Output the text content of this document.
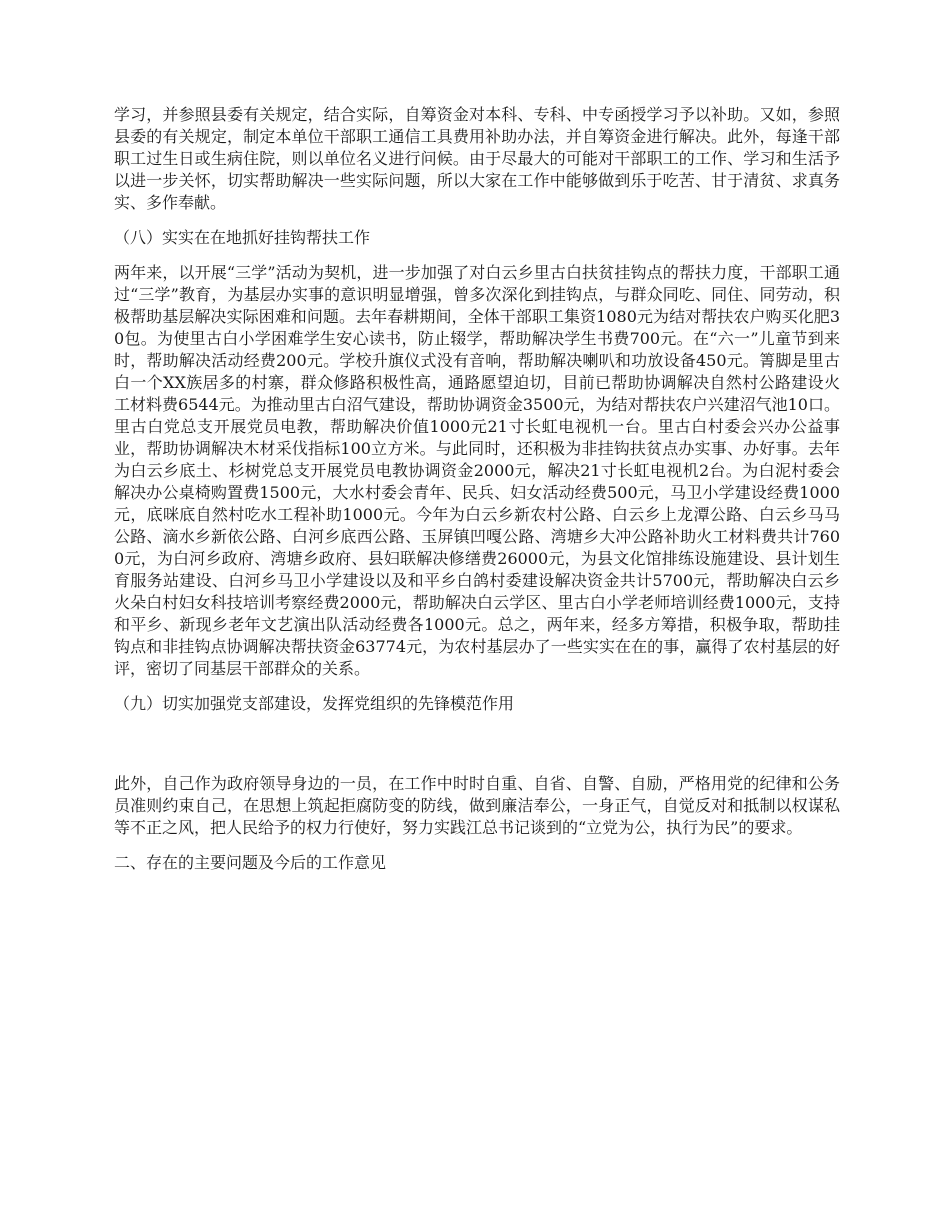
学习，并参照县委有关规定，结合实际，自筹资金对本科、专科、中专函授学习予以补助。又如，参照县委的有关规定，制定本单位干部职工通信工具费用补助办法，并自筹资金进行解决。此外，每逢干部职工过生日或生病住院，则以单位名义进行问候。由于尽最大的可能对干部职工的工作、学习和生活予以进一步关怀，切实帮助解决一些实际问题，所以大家在工作中能够做到乐于吃苦、甘于清贫、求真务实、多作奉献。

（八）实实在在地抓好挂钩帮扶工作

两年来，以开展“三学”活动为契机，进一步加强了对白云乡里古白扶贫挂钩点的帮扶力度，干部职工通过“三学”教育，为基层办实事的意识明显增强，曾多次深化到挂钩点，与群众同吃、同住、同劳动，积极帮助基层解决实际困难和问题。去年春耕期间，全体干部职工集资1080元为结对帮扶农户购买化肥30包。为使里古白小学困难学生安心读书，防止辍学，帮助解决学生书费700元。在“六一”儿童节到来时，帮助解决活动经费200元。学校升旗仪式没有音响，帮助解决喇叭和功放设备450元。箐脚是里古白一个XX族居多的村寨，群众修路积极性高，通路愿望迫切，目前已帮助协调解决自然村公路建设火工材料费6544元。为推动里古白沼气建设，帮助协调资金3500元，为结对帮扶农户兴建沼气池10口。里古白党总支开展党员电教，帮助解决价值1000元21寸长虹电视机一台。里古白村委会兴办公益事业，帮助协调解决木材采伐指标100立方米。与此同时，还积极为非挂钩扶贫点办实事、办好事。去年为白云乡底土、杉树党总支开展党员电教协调资金2000元，解决21寸长虹电视机2台。为白泥村委会解决办公桌椅购置费1500元，大水村委会青年、民兵、妇女活动经费500元，马卫小学建设经费1000元，底咪底自然村吃水工程补助1000元。今年为白云乡新农村公路、白云乡上龙潭公路、白云乡马马公路、滴水乡新依公路、白河乡底西公路、玉屏镇凹嘎公路、湾塘乡大冲公路补助火工材料费共计7600元，为白河乡政府、湾塘乡政府、县妇联解决修缮费26000元，为县文化馆排练设施建设、县计划生育服务站建设、白河乡马卫小学建设以及和平乡白鸽村委建设解决资金共计5700元，帮助解决白云乡火朵白村妇女科技培训考察经费2000元，帮助解决白云学区、里古白小学老师培训经费1000元，支持和平乡、新现乡老年文艺演出队活动经费各1000元。总之，两年来，经多方筹措，积极争取，帮助挂钩点和非挂钩点协调解决帮扶资金63774元，为农村基层办了一些实实在在的事，赢得了农村基层的好评，密切了同基层干部群众的关系。

（九）切实加强党支部建设，发挥党组织的先锋模范作用

此外，自己作为政府领导身边的一员，在工作中时时自重、自省、自警、自励，严格用党的纪律和公务员准则约束自己，在思想上筑起拒腐防变的防线，做到廉洁奉公，一身正气，自觉反对和抵制以权谋私等不正之风，把人民给予的权力行使好，努力实践江总书记谈到的“立党为公，执行为民”的要求。

二、存在的主要问题及今后的工作意见
